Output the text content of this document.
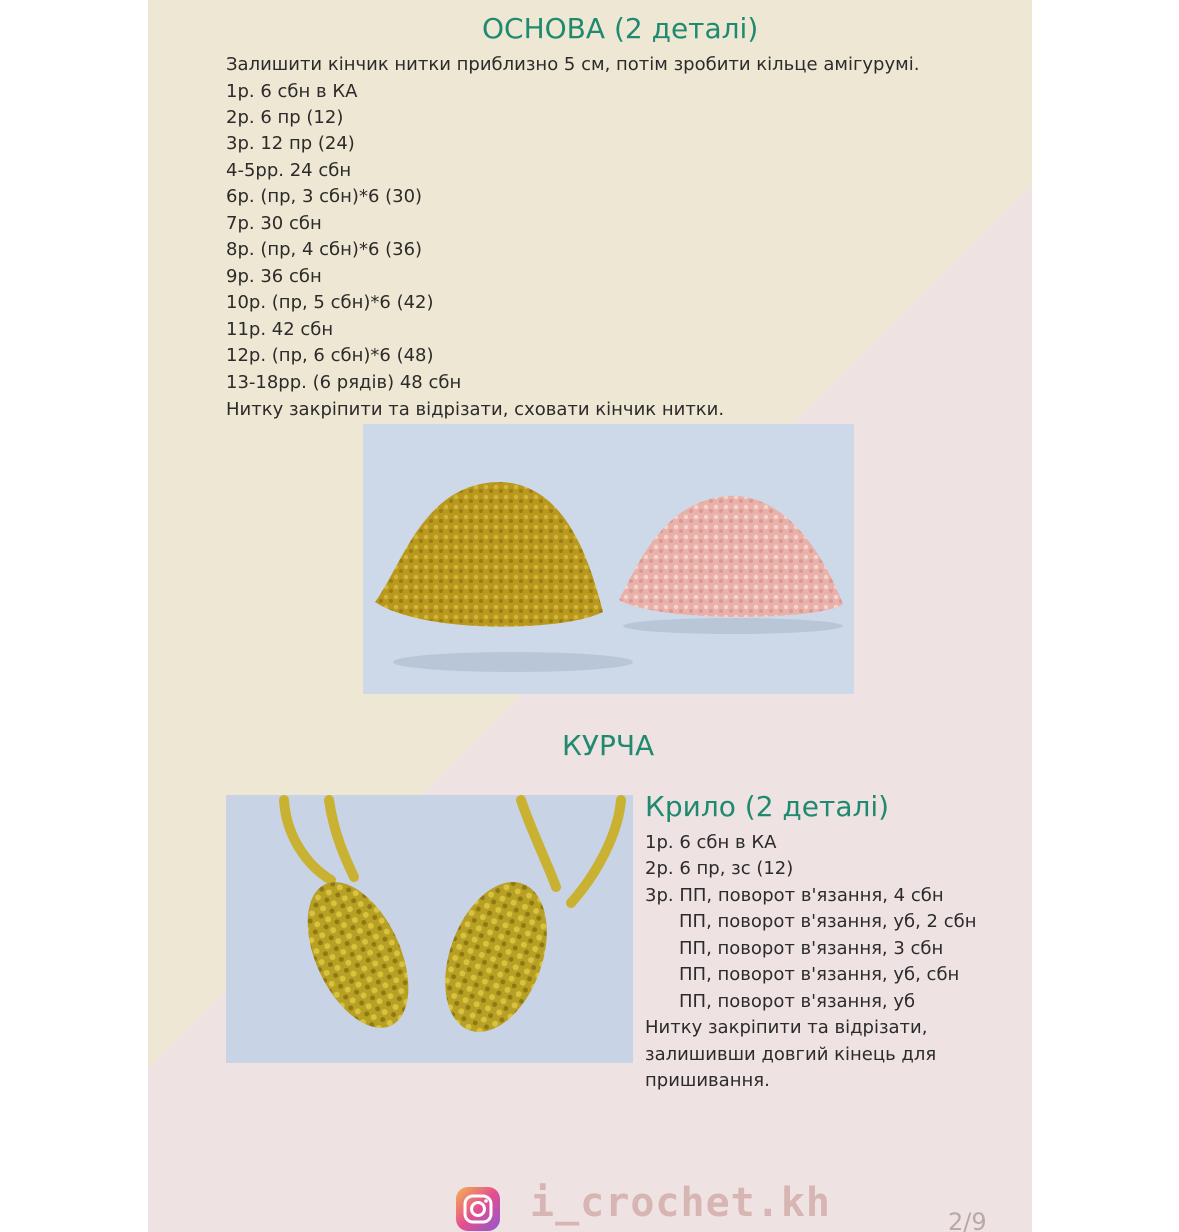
ОСНОВА (2 деталі)
Залишити кінчик нитки приблизно 5 см, потім зробити кільце амігурумі.
1р. 6 сбн в КА
2р. 6 пр (12)
3р. 12 пр (24)
4-5рр. 24 сбн
6р. (пр, 3 сбн)*6 (30)
7р. 30 сбн
8р. (пр, 4 сбн)*6 (36)
9р. 36 сбн
10р. (пр, 5 сбн)*6 (42)
11р. 42 сбн
12р. (пр, 6 сбн)*6 (48)
13-18рр. (6 рядів) 48 сбн
Нитку закріпити та відрізати, сховати кінчик нитки.
КУРЧА
Крило (2 деталі)
1р. 6 сбн в КА
2р. 6 пр, зс (12)
3р. ПП, поворот в'язання, 4 сбн
ПП, поворот в'язання, уб, 2 сбн
ПП, поворот в'язання, 3 сбн
ПП, поворот в'язання, уб, сбн
ПП, поворот в'язання, уб
Нитку закріпити та відрізати,
залишивши довгий кінець для
пришивання.
i_crochet.kh	2/9
